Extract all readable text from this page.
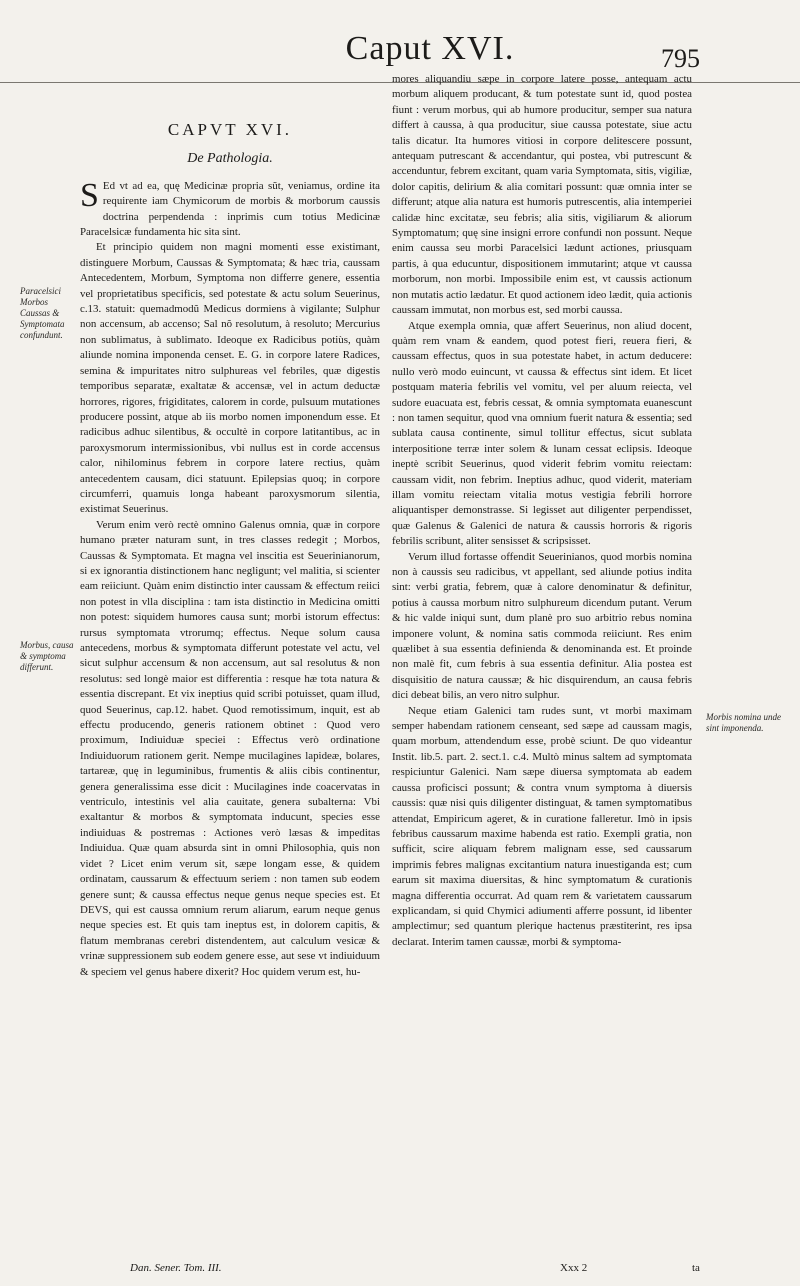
Caput XVI.	795
Paracelsici Morbos Caussas & Symptomata confundunt.
Morbus, causa & symptoma differunt.
Morbis nomina unde sint imponenda.
CAPVT XVI.
De Pathologia.

S Ed vt ad ea, quę Medicinæ propria sũt, veniamus, ordine ita requirente iam Chymicorum de morbis & morborum caussis doctrina perpendenda : inprimis cum totius Medicinæ Paracelsicæ fundamenta hic sita sint.

Et principio quidem non magni momenti esse existimant, distinguere Morbum, Caussas & Symptomata; & hæc tria, caussam Antecedentem, Morbum, Symptoma non differre genere, essentia vel proprietatibus specificis, sed potestate & actu solum Seuerinus, c.13. statuit: quemadmodũ Medicus dormiens à vigilante; Sulphur non accensum, ab accenso; Sal nõ resolutum, à resoluto; Mercurius non sublimatus, à sublimato. Ideoque ex Radicibus potiùs, quàm aliunde nomina imponenda censet. E. G. in corpore latere Radices, semina & impuritates nitro sulphureas vel febriles, quæ digestis temporibus separatæ, exaltatæ & accensæ, vel in actum deductæ horrores, rigores, frigiditates, calorem in corde, pulsuum mutationes producere possint, atque ab iis morbo nomen imponendum esse. Et radicibus adhuc silentibus, & occultè in corpore latitantibus, ac in paroxysmorum intermissionibus, vbi nullus est in corde accensus calor, nihilominus febrem in corpore latere rectius, quàm antecedentem causam, dici statuunt. Epilepsias quoq; in corpore circumferri, quamuis longa habeant paroxysmorum silentia, existimat Seuerinus.

Verum enim verò rectè omnino Galenus omnia, quæ in corpore humano præter naturam sunt, in tres classes redegit ; Morbos, Caussas & Symptomata. Et magna vel inscitia est Seuerinianorum, si ex ignorantia distinctionem hanc negligunt; vel malitia, si scienter eam reiiciunt. Quàm enim distinctio inter caussam & effectum reiici non potest in vlla disciplina : tam ista distinctio in Medicina omitti non potest: siquidem humores causa sunt; morbi istorum effectus: rursus symptomata vtrorumq; effectus. Neque solum causa antecedens, morbus & symptomata differunt potestate vel actu, vel sicut sulphur accensum & non accensum, aut sal resolutus & non resolutus: sed longè maior est differentia : resque hæ tota natura & essentia discrepant. Et vix ineptius quid scribi potuisset, quam illud, quod Seuerinus, cap.12. habet. Quod remotissimum, inquit, est ab effectu producendo, generis rationem obtinet : Quod vero proximum, Indiuiduæ speciei : Effectus verò ordinatione Indiuiduorum rationem gerit. Nempe mucilagines lapideæ, bolares, tartareæ, quę in leguminibus, frumentis & aliis cibis continentur, genera generalissima esse dicit : Mucilagines inde coacervatas in ventriculo, intestinis vel alia cauitate, genera subalterna: Vbi exaltantur & morbos & symptomata inducunt, species esse indiuiduas & postremas : Actiones verò læsas & impeditas Indiuidua. Quæ quam absurda sint in omni Philosophia, quis non videt ? Licet enim verum sit, sæpe longam esse, & quidem ordinatam, caussarum & effectuum seriem : non tamen sub eodem genere sunt; & caussa effectus neque genus neque species est. Et DEVS, qui est caussa omnium rerum aliarum, earum neque genus neque species est. Et quis tam ineptus est, in dolorem capitis, & flatum membranas cerebri distendentem, aut calculum vesicæ & vrinæ suppressionem sub eodem genere esse, aut sese vt indiuiduum & speciem vel genus habere dixerit? Hoc quidem verum est, hu-

mores aliquandiu sæpe in corpore latere posse, antequam actu morbum aliquem producant, & tum potestate sunt id, quod postea fiunt : verum morbus, qui ab humore producitur, semper sua natura differt à caussa, à qua producitur, siue caussa potestate, siue actu talis dicatur. Ita humores vitiosi in corpore delitescere possunt, antequam putrescant & accendantur, qui postea, vbi putrescunt & accenduntur, febrem excitant, quam varia Symptomata, sitis, vigiliæ, dolor capitis, delirium & alia comitari possunt: quæ omnia inter se differunt; atque alia natura est humoris putrescentis, alia intemperiei calidæ hinc excitatæ, seu febris; alia sitis, vigiliarum & aliorum Symptomatum; quę sine insigni errore confundi non possunt. Neque enim caussa seu morbi Paracelsici lædunt actiones, priusquam partis, à qua educuntur, dispositionem immutarint; atque vt caussa morborum, non morbi. Impossibile enim est, vt caussis actionum non mutatis actio lædatur. Et quod actionem ideo lædit, quia actionis caussam immutat, non morbus est, sed morbi caussa.

Atque exempla omnia, quæ affert Seuerinus, non aliud docent, quàm rem vnam & eandem, quod potest fieri, reuera fieri, & caussam effectus, quos in sua potestate habet, in actum deducere: nullo verò modo euincunt, vt caussa & effectus sint idem. Et licet postquam materia febrilis vel vomitu, vel per aluum reiecta, vel sudore euacuata est, febris cessat, & omnia symptomata euanescunt : non tamen sequitur, quod vna omnium fuerit natura & essentia; sed sublata causa continente, simul tollitur effectus, sicut sublata interpositione terræ inter solem & lunam cessat eclipsis. Ideoque ineptè scribit Seuerinus, quod viderit febrim vomitu reiectam: caussam vidit, non febrim. Ineptius adhuc, quod viderit, materiam illam vomitu reiectam vitalia motus vestigia febrili horrore aliquantisper demonstrasse. Si legisset aut diligenter perpendisset, quæ Galenus & Galenici de natura & caussis horroris & rigoris febrilis scribunt, aliter sensisset & scripsisset.

Verum illud fortasse offendit Seuerinianos, quod morbis nomina non à caussis seu radicibus, vt appellant, sed aliunde potius indita sint: verbi gratia, febrem, quæ à calore denominatur & definitur, potius à caussa morbum nitro sulphureum dicendum putant. Verum & hic valde iniqui sunt, dum planè pro suo arbitrio rebus nomina imponere volunt, & nomina satis commoda reiiciunt. Res enim quælibet à sua essentia definienda & denominanda est. Et proinde non malè fit, cum febris à sua essentia definitur. Alia postea est disquisitio de natura caussæ; & hic disquirendum, an causa febris dici debeat bilis, an vero nitro sulphur.

Neque etiam Galenici tam rudes sunt, vt morbi maximam semper habendam rationem censeant, sed sæpe ad caussam magis, quam morbum, attendendum esse, probè sciunt. De quo videantur Instit. lib.5. part. 2. sect.1. c.4. Multò minus saltem ad symptomata respiciuntur Galenici. Nam sæpe diuersa symptomata ab eadem caussa proficisci possunt; & contra vnum symptoma à diuersis caussis: quæ nisi quis diligenter distinguat, & tamen symptomatibus attendat, Empiricum ageret, & in curatione falleretur. Imò in ipsis febribus caussarum maxime habenda est ratio. Exempli gratia, non sufficit, scire aliquam febrem malignam esse, sed caussarum imprimis febres malignas excitantium natura inuestiganda est; cum earum sit maxima diuersitas, & hinc symptomatum & curationis magna differentia occurrat. Ad quam rem & varietatem caussarum explicandam, si quid Chymici adiumenti afferre possunt, id libenter amplectimur; sed quantum plerique hactenus præstiterint, res ipsa declarat. Interim tamen caussæ, morbi & symptoma-

Dan. Sener. Tom. III.	Xxx 2	ta
